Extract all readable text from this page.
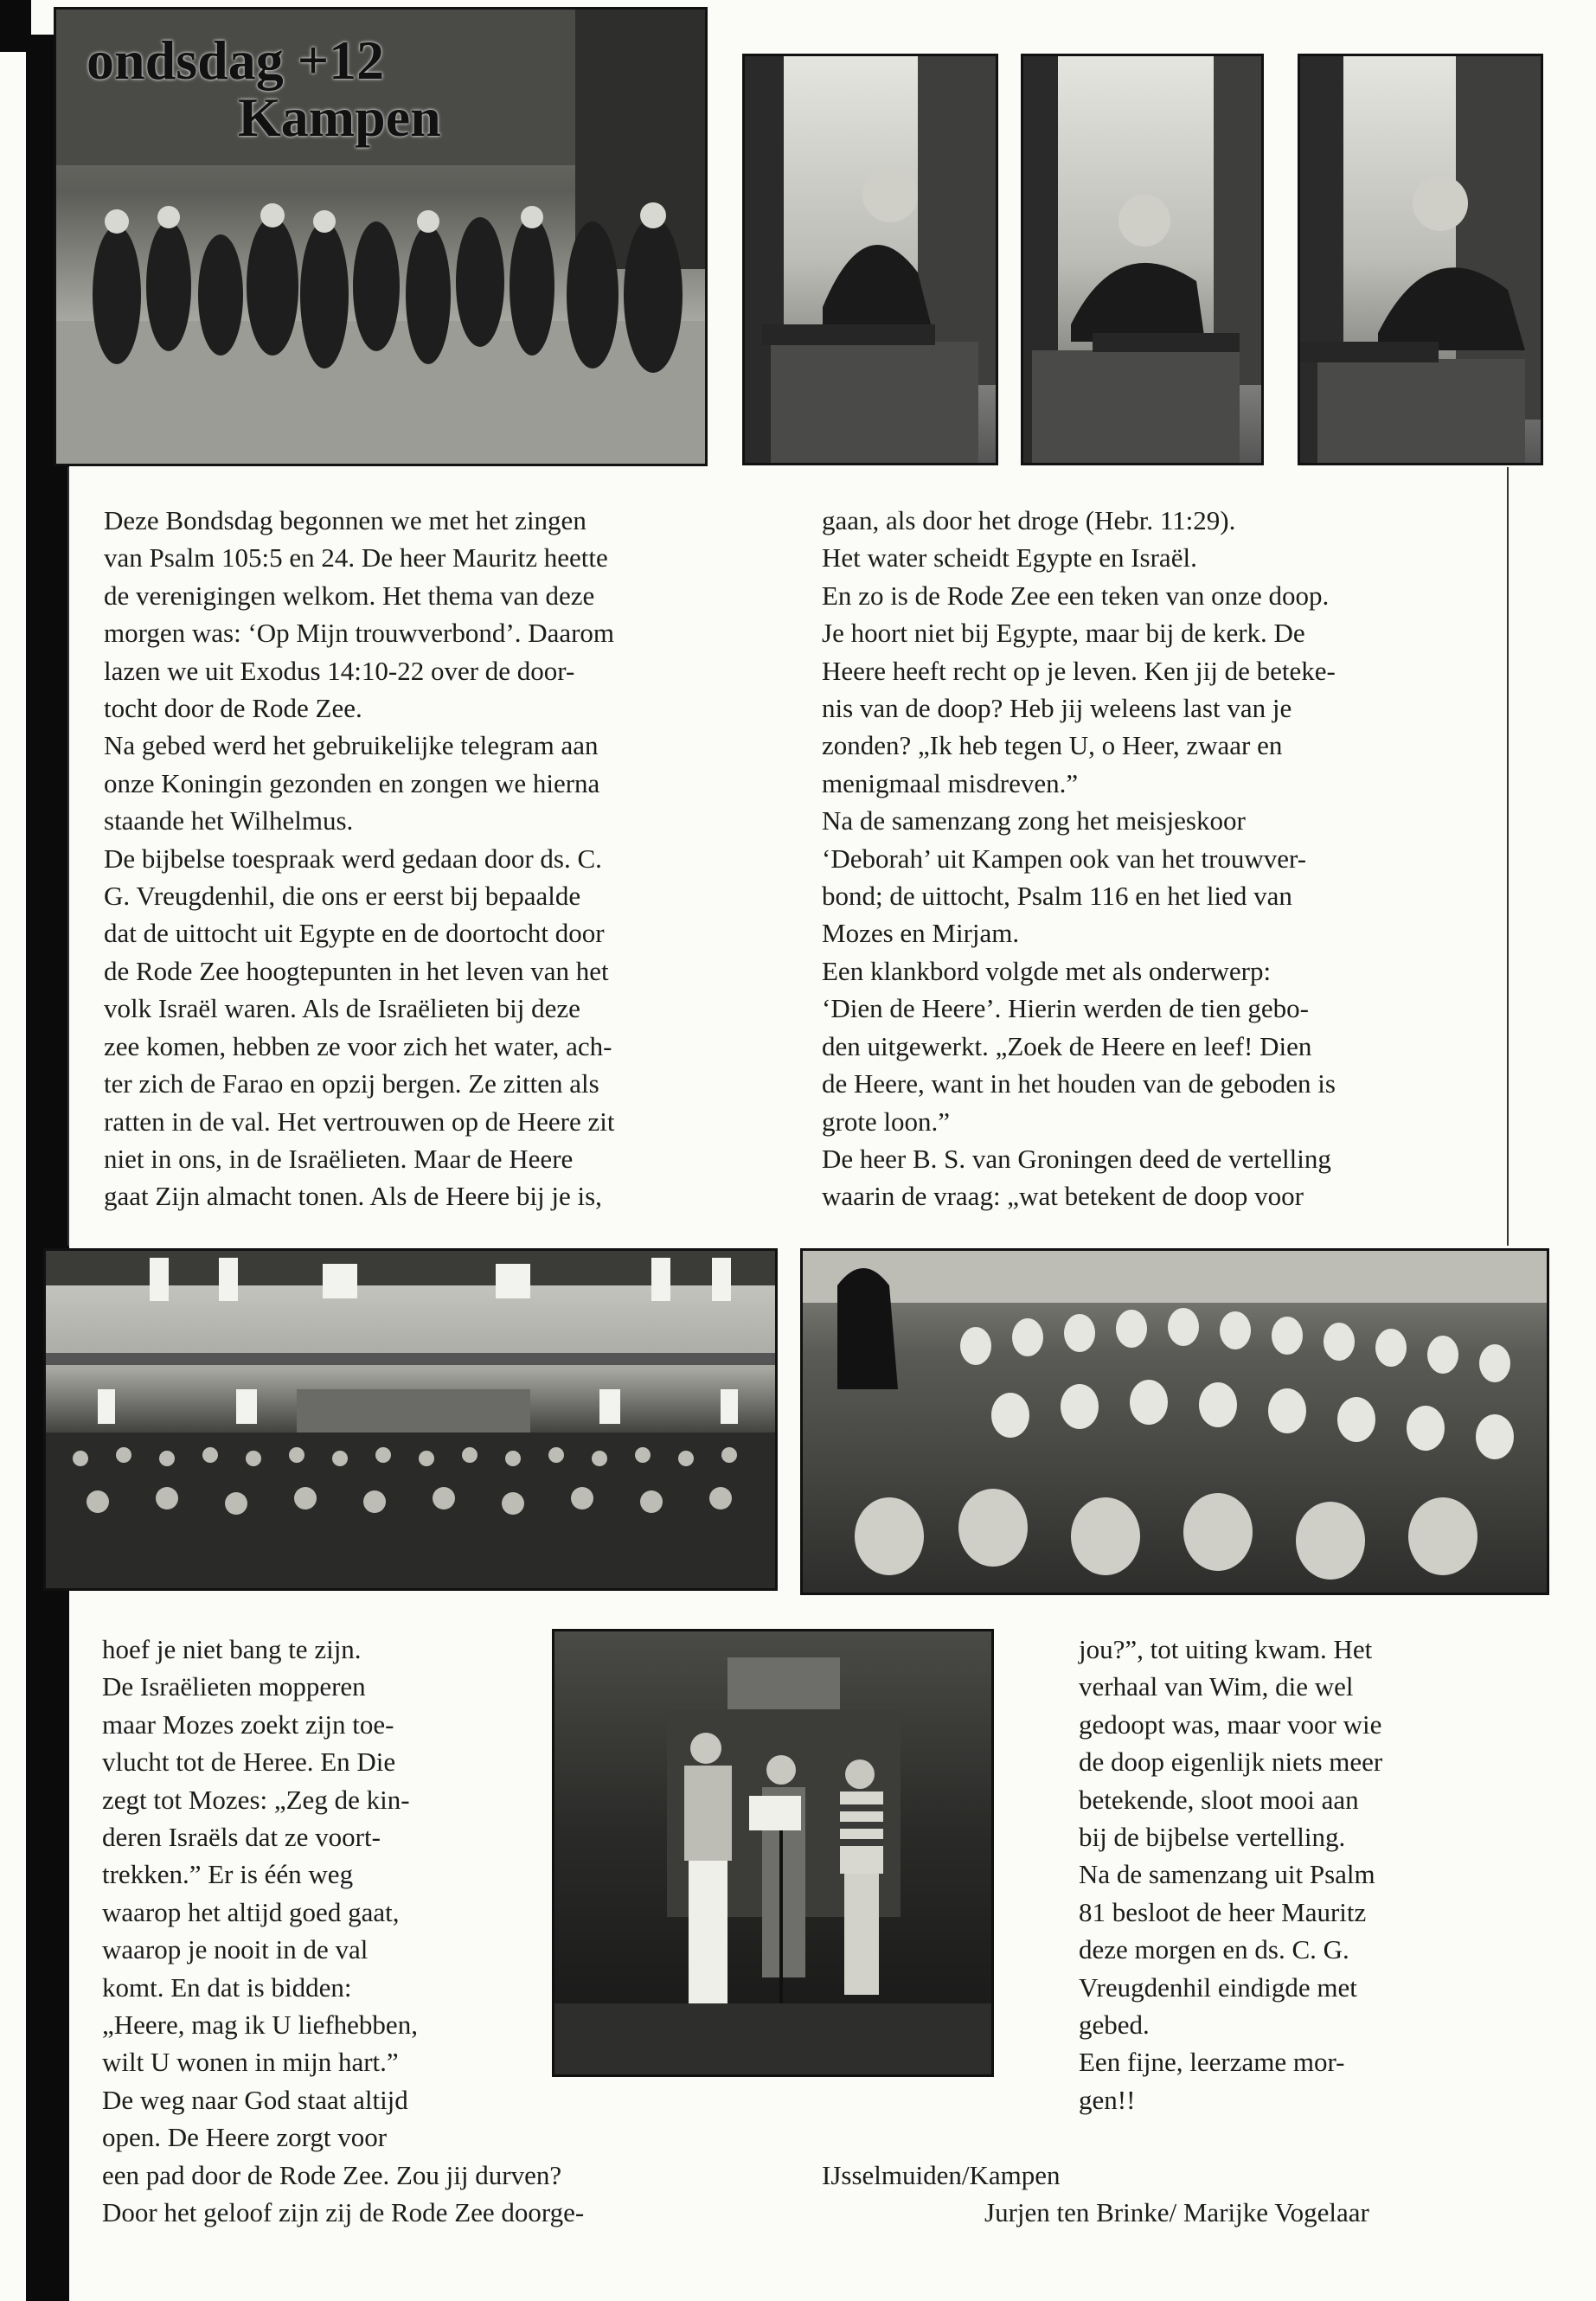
ondsdag +12
Kampen

Deze Bondsdag begonnen we met het zingen

van Psalm 105:5 en 24. De heer Mauritz heette

de verenigingen welkom. Het thema van deze

morgen was: ‘Op Mijn trouwverbond’. Daarom

lazen we uit Exodus 14:10-22 over de door-

tocht door de Rode Zee.

Na gebed werd het gebruikelijke telegram aan

onze Koningin gezonden en zongen we hierna

staande het Wilhelmus.

De bijbelse toespraak werd gedaan door ds. C.

G. Vreugdenhil, die ons er eerst bij bepaalde

dat de uittocht uit Egypte en de doortocht door

de Rode Zee hoogtepunten in het leven van het

volk Israël waren. Als de Israëlieten bij deze

zee komen, hebben ze voor zich het water, ach-

ter zich de Farao en opzij bergen. Ze zitten als

ratten in de val. Het vertrouwen op de Heere zit

niet in ons, in de Israëlieten. Maar de Heere

gaat Zijn almacht tonen. Als de Heere bij je is,

gaan, als door het droge (Hebr. 11:29).

Het water scheidt Egypte en Israël.

En zo is de Rode Zee een teken van onze doop.

Je hoort niet bij Egypte, maar bij de kerk. De

Heere heeft recht op je leven. Ken jij de beteke-

nis van de doop? Heb jij weleens last van je

zonden? „Ik heb tegen U, o Heer, zwaar en

menigmaal misdreven.”

Na de samenzang zong het meisjeskoor

‘Deborah’ uit Kampen ook van het trouwver-

bond; de uittocht, Psalm 116 en het lied van

Mozes en Mirjam.

Een klankbord volgde met als onderwerp:

‘Dien de Heere’. Hierin werden de tien gebo-

den uitgewerkt. „Zoek de Heere en leef! Dien

de Heere, want in het houden van de geboden is

grote loon.”

De heer B. S. van Groningen deed de vertelling

waarin de vraag: „wat betekent de doop voor

hoef je niet bang te zijn.

De Israëlieten mopperen

maar Mozes zoekt zijn toe-

vlucht tot de Heree. En Die

zegt tot Mozes: „Zeg de kin-

deren Israëls dat ze voort-

trekken.” Er is één weg

waarop het altijd goed gaat,

waarop je nooit in de val

komt. En dat is bidden:

„Heere, mag ik U liefhebben,

wilt U wonen in mijn hart.”

De weg naar God staat altijd

open. De Heere zorgt voor

een pad door de Rode Zee. Zou jij durven?

Door het geloof zijn zij de Rode Zee doorge-

jou?”, tot uiting kwam. Het

verhaal van Wim, die wel

gedoopt was, maar voor wie

de doop eigenlijk niets meer

betekende, sloot mooi aan

bij de bijbelse vertelling.

Na de samenzang uit Psalm

81 besloot de heer Mauritz

deze morgen en ds. C. G.

Vreugdenhil eindigde met

gebed.

Een fijne, leerzame mor-

gen!!

IJsselmuiden/Kampen

Jurjen ten Brinke/ Marijke Vogelaar
